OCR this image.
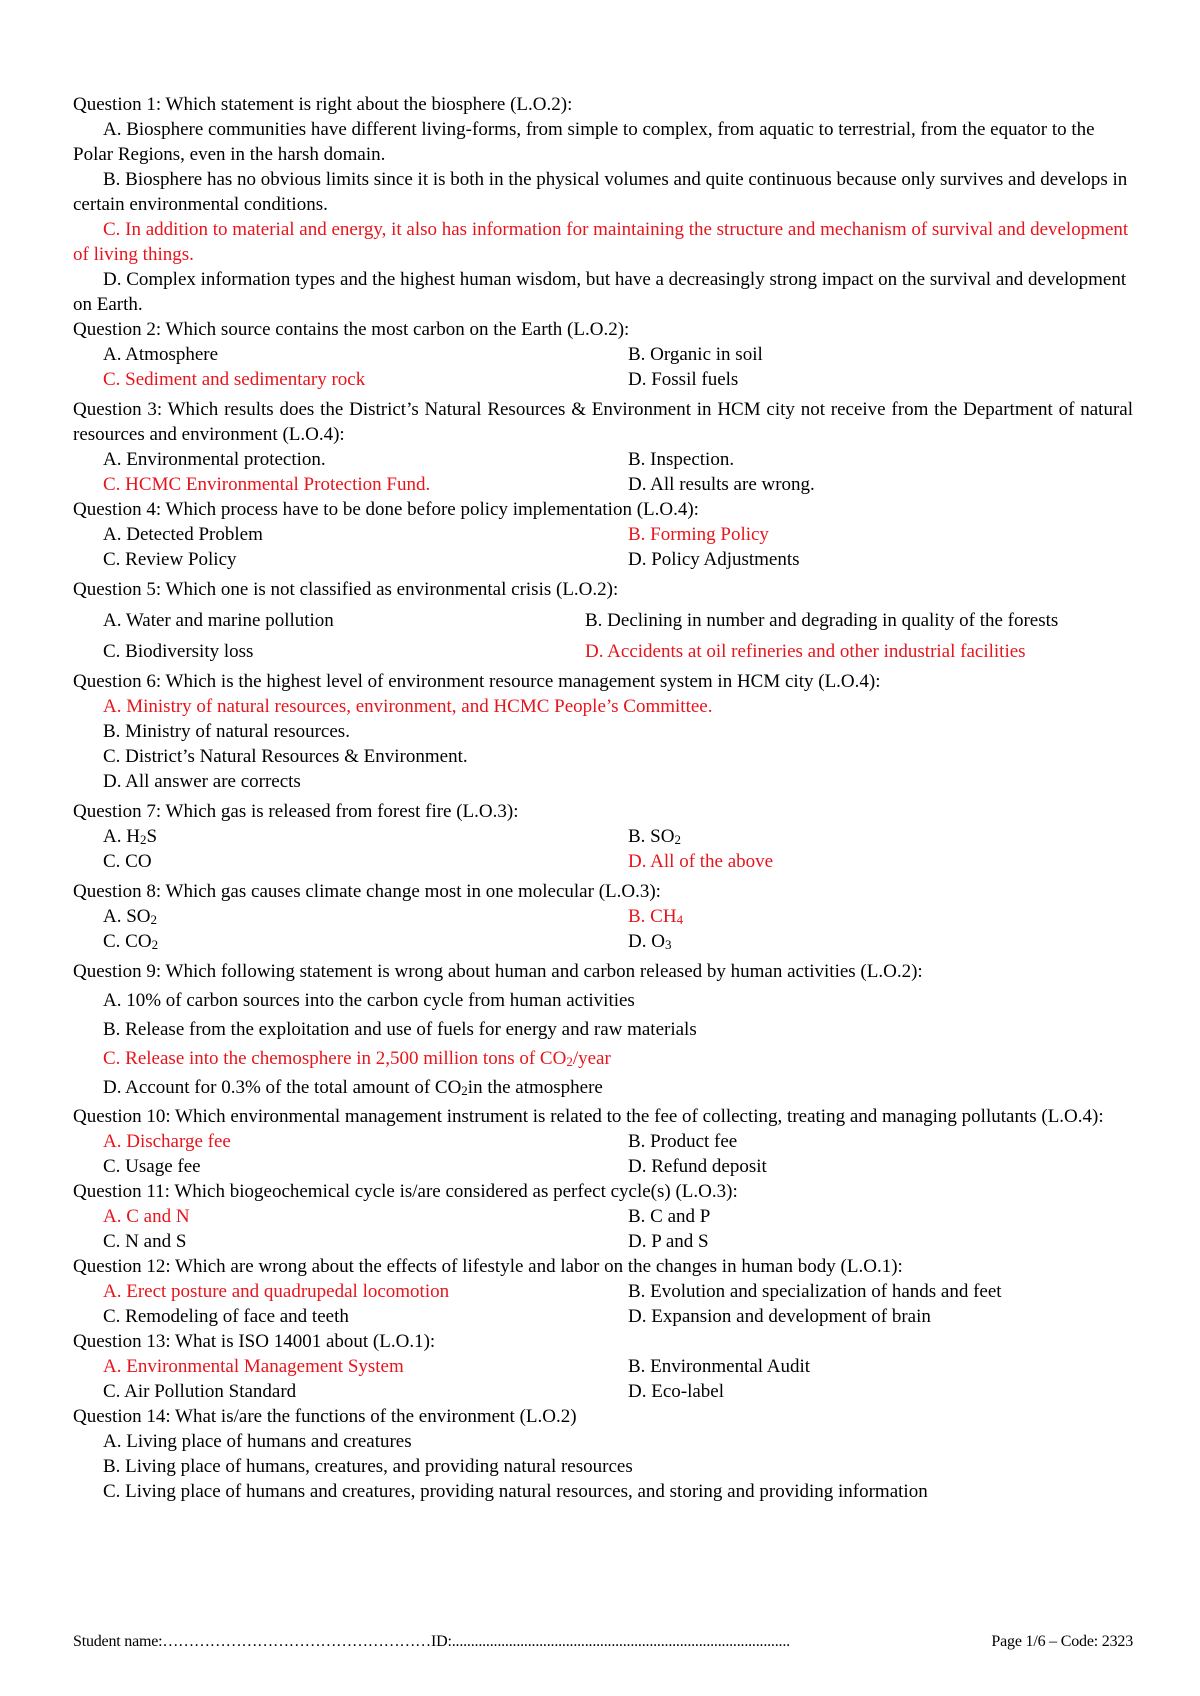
Question 1: Which statement is right about the biosphere (L.O.2):
A. Biosphere communities have different living-forms, from simple to complex, from aquatic to terrestrial, from the equator to the Polar Regions, even in the harsh domain.
B. Biosphere has no obvious limits since it is both in the physical volumes and quite continuous because only survives and develops in certain environmental conditions.
C. In addition to material and energy, it also has information for maintaining the structure and mechanism of survival and development of living things.
D. Complex information types and the highest human wisdom, but have a decreasingly strong impact on the survival and development on Earth.
Question 2: Which source contains the most carbon on the Earth (L.O.2):
A. Atmosphere	B. Organic in soil
C. Sediment and sedimentary rock	D. Fossil fuels
Question 3: Which results does the District’s Natural Resources & Environment in HCM city not receive from the Department of natural resources and environment (L.O.4):
A. Environmental protection.	B. Inspection.
C. HCMC Environmental Protection Fund.	D. All results are wrong.
Question 4: Which process have to be done before policy implementation (L.O.4):
A. Detected Problem	B. Forming Policy
C. Review Policy	D. Policy Adjustments
Question 5: Which one is not classified as environmental crisis (L.O.2):
A. Water and marine pollution	B. Declining in number and degrading in quality of the forests
C. Biodiversity loss	D. Accidents at oil refineries and other industrial facilities
Question 6: Which is the highest level of environment resource management system in HCM city (L.O.4):
A. Ministry of natural resources, environment, and HCMC People’s Committee.
B. Ministry of natural resources.
C. District’s Natural Resources & Environment.
D. All answer are corrects
Question 7: Which gas is released from forest fire (L.O.3):
A. $H_2S$	B. $SO_2$
C. CO	D. All of the above
Question 8: Which gas causes climate change most in one molecular (L.O.3):
A. $SO_2$	B. $CH_4$
C. $CO_2$	D. $O_3$
Question 9: Which following statement is wrong about human and carbon released by human activities (L.O.2):
A. 10% of carbon sources into the carbon cycle from human activities
B. Release from the exploitation and use of fuels for energy and raw materials
C. Release into the chemosphere in 2,500 million tons of $CO_2$/year
D. Account for 0.3% of the total amount of $CO_2in$ the atmosphere
Question 10: Which environmental management instrument is related to the fee of collecting, treating and managing pollutants (L.O.4):
A. Discharge fee	B. Product fee
C. Usage fee	D. Refund deposit
Question 11: Which biogeochemical cycle is/are considered as perfect cycle(s) (L.O.3):
A. C and N	B. C and P
C. N and S	D. P and S
Question 12: Which are wrong about the effects of lifestyle and labor on the changes in human body (L.O.1):
A. Erect posture and quadrupedal locomotion	B. Evolution and specialization of hands and feet
C. Remodeling of face and teeth	D. Expansion and development of brain
Question 13: What is ISO 14001 about (L.O.1):
A. Environmental Management System	B. Environmental Audit
C. Air Pollution Standard	D. Eco-label
Question 14: What is/are the functions of the environment (L.O.2)
A. Living place of humans and creatures
B. Living place of humans, creatures, and providing natural resources
C. Living place of humans and creatures, providing natural resources, and storing and providing information
Student name:……………………………………………ID:.........................................................................................	Page 1/6 – Code: 2323
